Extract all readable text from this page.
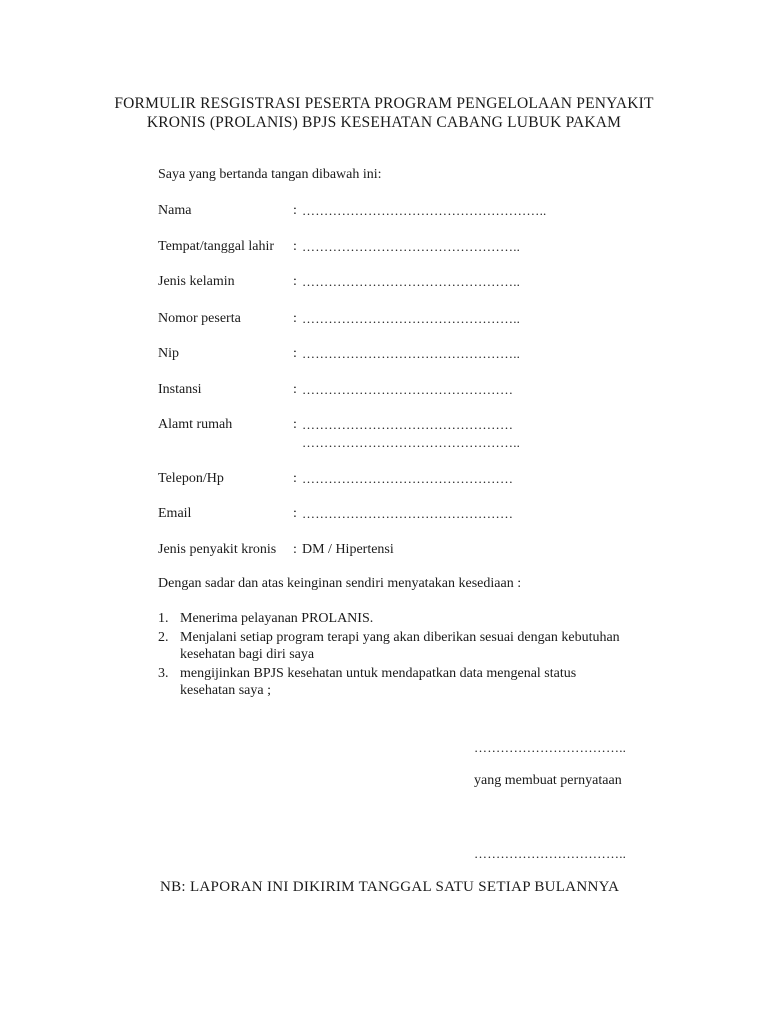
FORMULIR RESGISTRASI PESERTA PROGRAM PENGELOLAAN PENYAKIT
KRONIS (PROLANIS) BPJS KESEHATAN CABANG LUBUK PAKAM
Saya yang bertanda tangan dibawah ini:
Nama	: ………………………………………………..
Tempat/tanggal lahir : …………………………………………..
Jenis kelamin	: …………………………………………..
Nomor peserta	: …………………………………………..
Nip	: …………………………………………..
Instansi	: …………………………………………
Alamt rumah	: …………………………………………
…………………………………………..
Telepon/Hp	: …………………………………………
Email	: …………………………………………
Jenis penyakit kronis : DM / Hipertensi
Dengan sadar dan atas keinginan sendiri menyatakan kesediaan :
1. Menerima pelayanan PROLANIS.
2. Menjalani setiap program terapi yang akan diberikan sesuai dengan kebutuhan
kesehatan bagi diri saya
3. mengijinkan BPJS kesehatan untuk mendapatkan data mengenal status
kesehatan saya ;
……………………………..
yang membuat pernyataan
……………………………..
NB: LAPORAN INI DIKIRIM TANGGAL SATU SETIAP BULANNYA
